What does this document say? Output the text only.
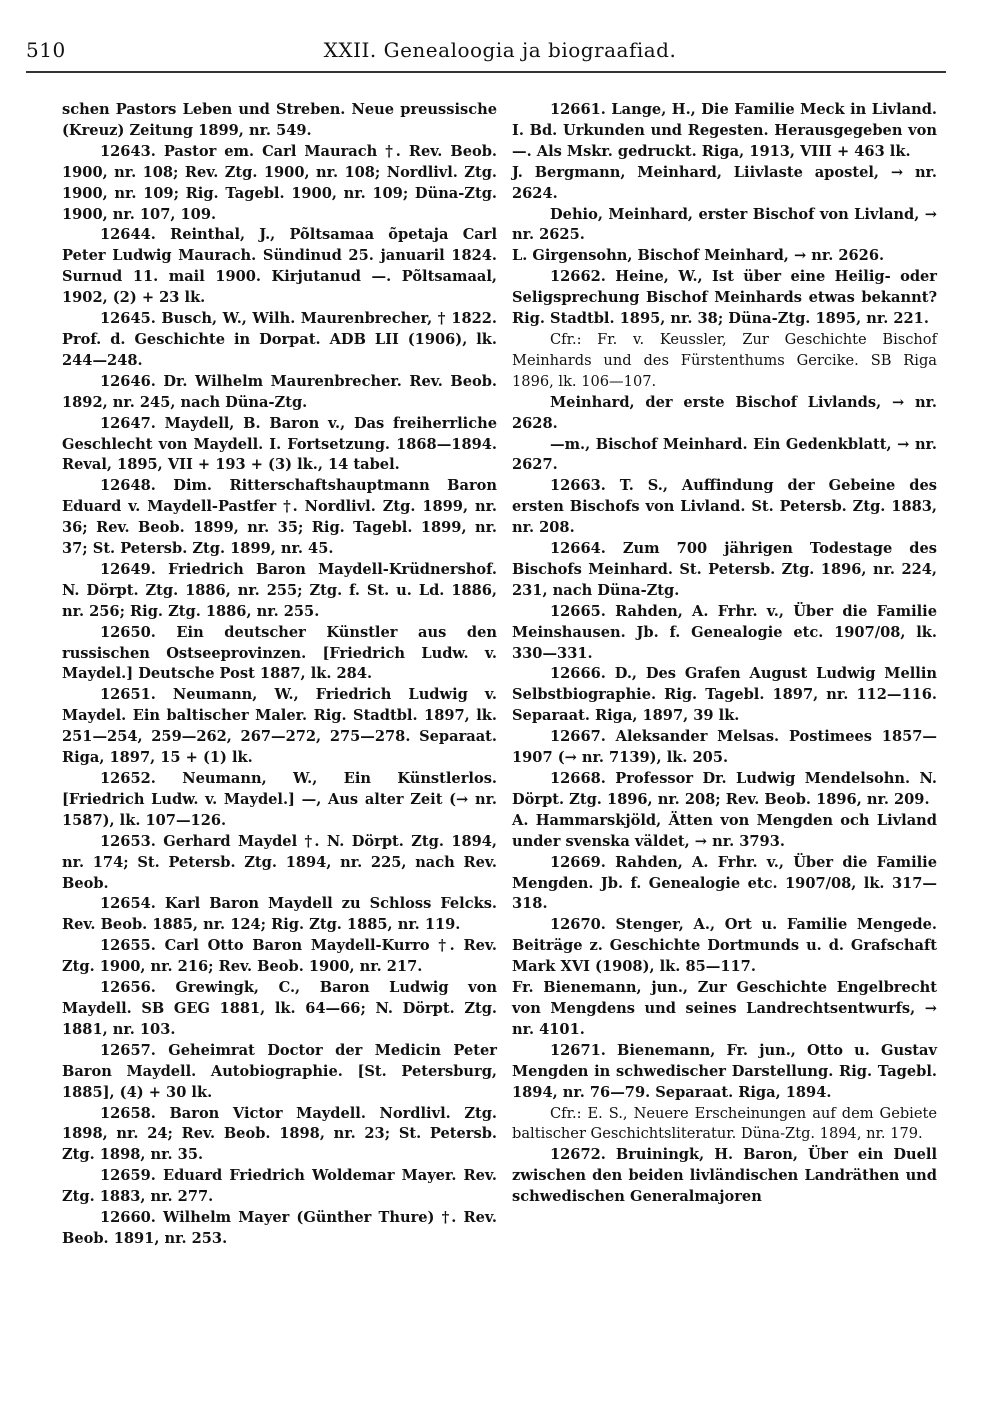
510	XXII. Genealoogia ja biograafiad.

schen Pastors Leben und Streben. Neue preussische (Kreuz) Zeitung 1899, nr. 549.

12643. Pastor em. Carl Maurach †. Rev. Beob. 1900, nr. 108; Rev. Ztg. 1900, nr. 108; Nordlivl. Ztg. 1900, nr. 109; Rig. Tagebl. 1900, nr. 109; Düna-Ztg. 1900, nr. 107, 109.

12644. Reinthal, J., Põltsamaa õpetaja Carl Peter Ludwig Maurach. Sündinud 25. januaril 1824. Surnud 11. mail 1900. Kirjutanud —. Põltsamaal, 1902, (2) + 23 lk.

12645. Busch, W., Wilh. Maurenbrecher, † 1822. Prof. d. Geschichte in Dorpat. ADB LII (1906), lk. 244—248.

12646. Dr. Wilhelm Maurenbrecher. Rev. Beob. 1892, nr. 245, nach Düna-Ztg.

12647. Maydell, B. Baron v., Das freiherrliche Geschlecht von Maydell. I. Fortsetzung. 1868—1894. Reval, 1895, VII + 193 + (3) lk., 14 tabel.

12648. Dim. Ritterschaftshauptmann Baron Eduard v. Maydell-Pastfer †. Nordlivl. Ztg. 1899, nr. 36; Rev. Beob. 1899, nr. 35; Rig. Tagebl. 1899, nr. 37; St. Petersb. Ztg. 1899, nr. 45.

12649. Friedrich Baron Maydell-Krüdnershof. N. Dörpt. Ztg. 1886, nr. 255; Ztg. f. St. u. Ld. 1886, nr. 256; Rig. Ztg. 1886, nr. 255.

12650. Ein deutscher Künstler aus den russischen Ostseeprovinzen. [Friedrich Ludw. v. Maydel.] Deutsche Post 1887, lk. 284.

12651. Neumann, W., Friedrich Ludwig v. Maydel. Ein baltischer Maler. Rig. Stadtbl. 1897, lk. 251—254, 259—262, 267—272, 275—278. Separaat. Riga, 1897, 15 + (1) lk.

12652. Neumann, W., Ein Künstlerlos. [Friedrich Ludw. v. Maydel.] —, Aus alter Zeit (→ nr. 1587), lk. 107—126.

12653. Gerhard Maydel †. N. Dörpt. Ztg. 1894, nr. 174; St. Petersb. Ztg. 1894, nr. 225, nach Rev. Beob.

12654. Karl Baron Maydell zu Schloss Felcks. Rev. Beob. 1885, nr. 124; Rig. Ztg. 1885, nr. 119.

12655. Carl Otto Baron Maydell-Kurro †. Rev. Ztg. 1900, nr. 216; Rev. Beob. 1900, nr. 217.

12656. Grewingk, C., Baron Ludwig von Maydell. SB GEG 1881, lk. 64—66; N. Dörpt. Ztg. 1881, nr. 103.

12657. Geheimrat Doctor der Medicin Peter Baron Maydell. Autobiographie. [St. Petersburg, 1885], (4) + 30 lk.

12658. Baron Victor Maydell. Nordlivl. Ztg. 1898, nr. 24; Rev. Beob. 1898, nr. 23; St. Petersb. Ztg. 1898, nr. 35.

12659. Eduard Friedrich Woldemar Mayer. Rev. Ztg. 1883, nr. 277.

12660. Wilhelm Mayer (Günther Thure) †. Rev. Beob. 1891, nr. 253.

12661. Lange, H., Die Familie Meck in Livland. I. Bd. Urkunden und Regesten. Herausgegeben von —. Als Mskr. gedruckt. Riga, 1913, VIII + 463 lk.

J. Bergmann, Meinhard, Liivlaste apostel, → nr. 2624.

Dehio, Meinhard, erster Bischof von Livland, → nr. 2625.

L. Girgensohn, Bischof Meinhard, → nr. 2626.

12662. Heine, W., Ist über eine Heilig- oder Seligsprechung Bischof Meinhards etwas bekannt? Rig. Stadtbl. 1895, nr. 38; Düna-Ztg. 1895, nr. 221.

Cfr.: Fr. v. Keussler, Zur Geschichte Bischof Meinhards und des Fürstenthums Gercike. SB Riga 1896, lk. 106—107.

Meinhard, der erste Bischof Livlands, → nr. 2628.

—m., Bischof Meinhard. Ein Gedenkblatt, → nr. 2627.

12663. T. S., Auffindung der Gebeine des ersten Bischofs von Livland. St. Petersb. Ztg. 1883, nr. 208.

12664. Zum 700 jährigen Todestage des Bischofs Meinhard. St. Petersb. Ztg. 1896, nr. 224, 231, nach Düna-Ztg.

12665. Rahden, A. Frhr. v., Über die Familie Meinshausen. Jb. f. Genealogie etc. 1907/08, lk. 330—331.

12666. D., Des Grafen August Ludwig Mellin Selbstbiographie. Rig. Tagebl. 1897, nr. 112—116. Separaat. Riga, 1897, 39 lk.

12667. Aleksander Melsas. Postimees 1857—1907 (→ nr. 7139), lk. 205.

12668. Professor Dr. Ludwig Mendelsohn. N. Dörpt. Ztg. 1896, nr. 208; Rev. Beob. 1896, nr. 209.

A. Hammarskjöld, Ätten von Mengden och Livland under svenska väldet, → nr. 3793.

12669. Rahden, A. Frhr. v., Über die Familie Mengden. Jb. f. Genealogie etc. 1907/08, lk. 317—318.

12670. Stenger, A., Ort u. Familie Mengede. Beiträge z. Geschichte Dortmunds u. d. Grafschaft Mark XVI (1908), lk. 85—117.

Fr. Bienemann, jun., Zur Geschichte Engelbrecht von Mengdens und seines Landrechtsentwurfs, → nr. 4101.

12671. Bienemann, Fr. jun., Otto u. Gustav Mengden in schwedischer Darstellung. Rig. Tagebl. 1894, nr. 76—79. Separaat. Riga, 1894.

Cfr.: E. S., Neuere Erscheinungen auf dem Gebiete baltischer Geschichtsliteratur. Düna-Ztg. 1894, nr. 179.

12672. Bruiningk, H. Baron, Über ein Duell zwischen den beiden livländischen Landräthen und schwedischen Generalmajoren
